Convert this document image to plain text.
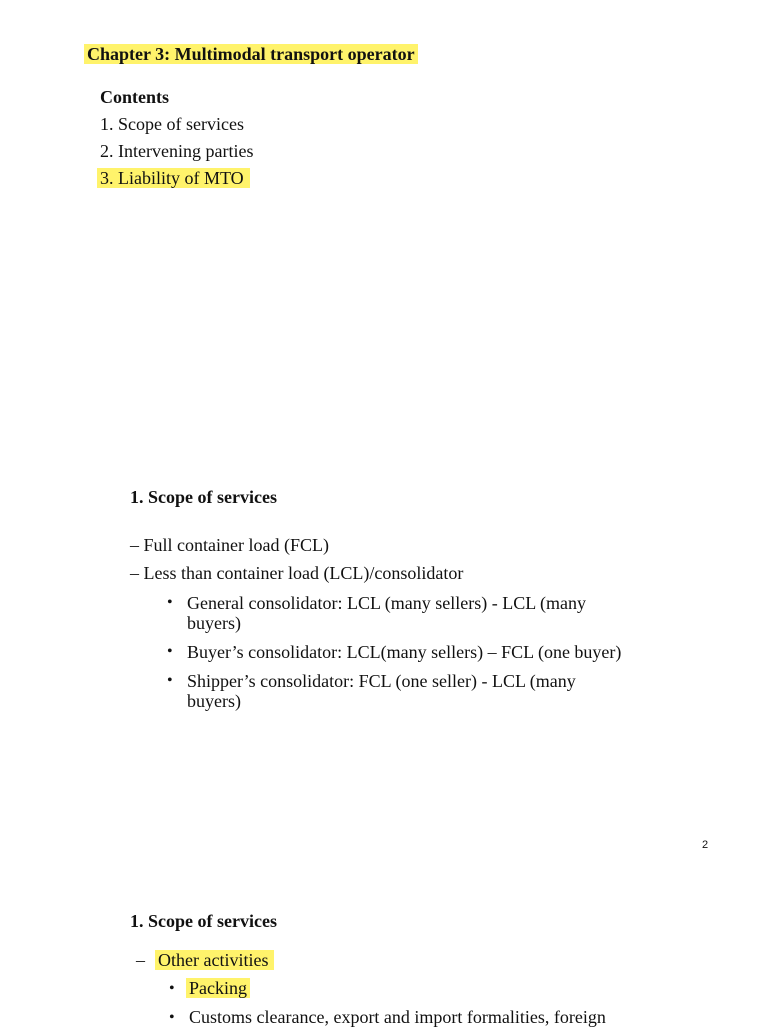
Chapter 3: Multimodal transport operator
Contents
1. Scope of services
2. Intervening parties
3. Liability of MTO
1. Scope of services
– Full container load (FCL)
– Less than container load (LCL)/consolidator
• General consolidator: LCL (many sellers) - LCL (many
buyers)
• Buyer’s consolidator: LCL(many sellers) – FCL (one buyer)
• Shipper’s consolidator: FCL (one seller) - LCL (many
buyers)
2
1. Scope of services
– Other activities
• Packing
• Customs clearance, export and import formalities, foreign
